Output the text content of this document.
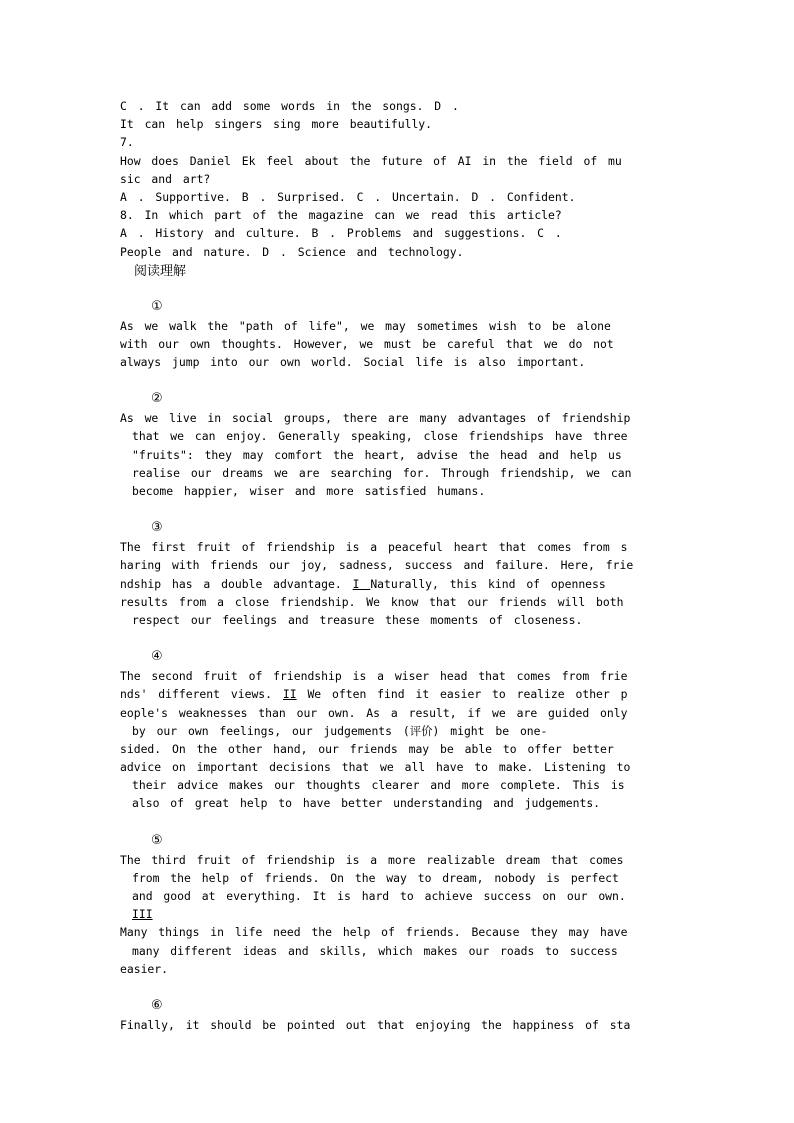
C . It can add some words in the songs. D .
It can help singers sing more beautifully.
7.
How does Daniel Ek feel about the future of AI in the field of mu
sic and art?
A . Supportive. B . Surprised. C . Uncertain. D . Confident.
8. In which part of the magazine can we read this article?
A . History and culture. B . Problems and suggestions. C .
People and nature. D . Science and technology.
阅读理解
①
As we walk the "path of life", we may sometimes wish to be alone
with our own thoughts. However, we must be careful that we do not
always jump into our own world. Social life is also important.
②
As we live in social groups, there are many advantages of friendship
that we can enjoy. Generally speaking, close friendships have three
"fruits": they may comfort the heart, advise the head and help us
realise our dreams we are searching for. Through friendship, we can
become happier, wiser and more satisfied humans.
③
The first fruit of friendship is a peaceful heart that comes from s
haring with friends our joy, sadness, success and failure. Here, frie
ndship has a double advantage. I Naturally, this kind of openness
results from a close friendship. We know that our friends will both
respect our feelings and treasure these moments of closeness.
④
The second fruit of friendship is a wiser head that comes from frie
nds' different views. II We often find it easier to realize other p
eople's weaknesses than our own. As a result, if we are guided only
by our own feelings, our judgements (评价) might be one-
sided. On the other hand, our friends may be able to offer better
advice on important decisions that we all have to make. Listening to
their advice makes our thoughts clearer and more complete. This is
also of great help to have better understanding and judgements.
⑤
The third fruit of friendship is a more realizable dream that comes
from the help of friends. On the way to dream, nobody is perfect
and good at everything. It is hard to achieve success on our own.
III
Many things in life need the help of friends. Because they may have
many different ideas and skills, which makes our roads to success
easier.
⑥
Finally, it should be pointed out that enjoying the happiness of sta
